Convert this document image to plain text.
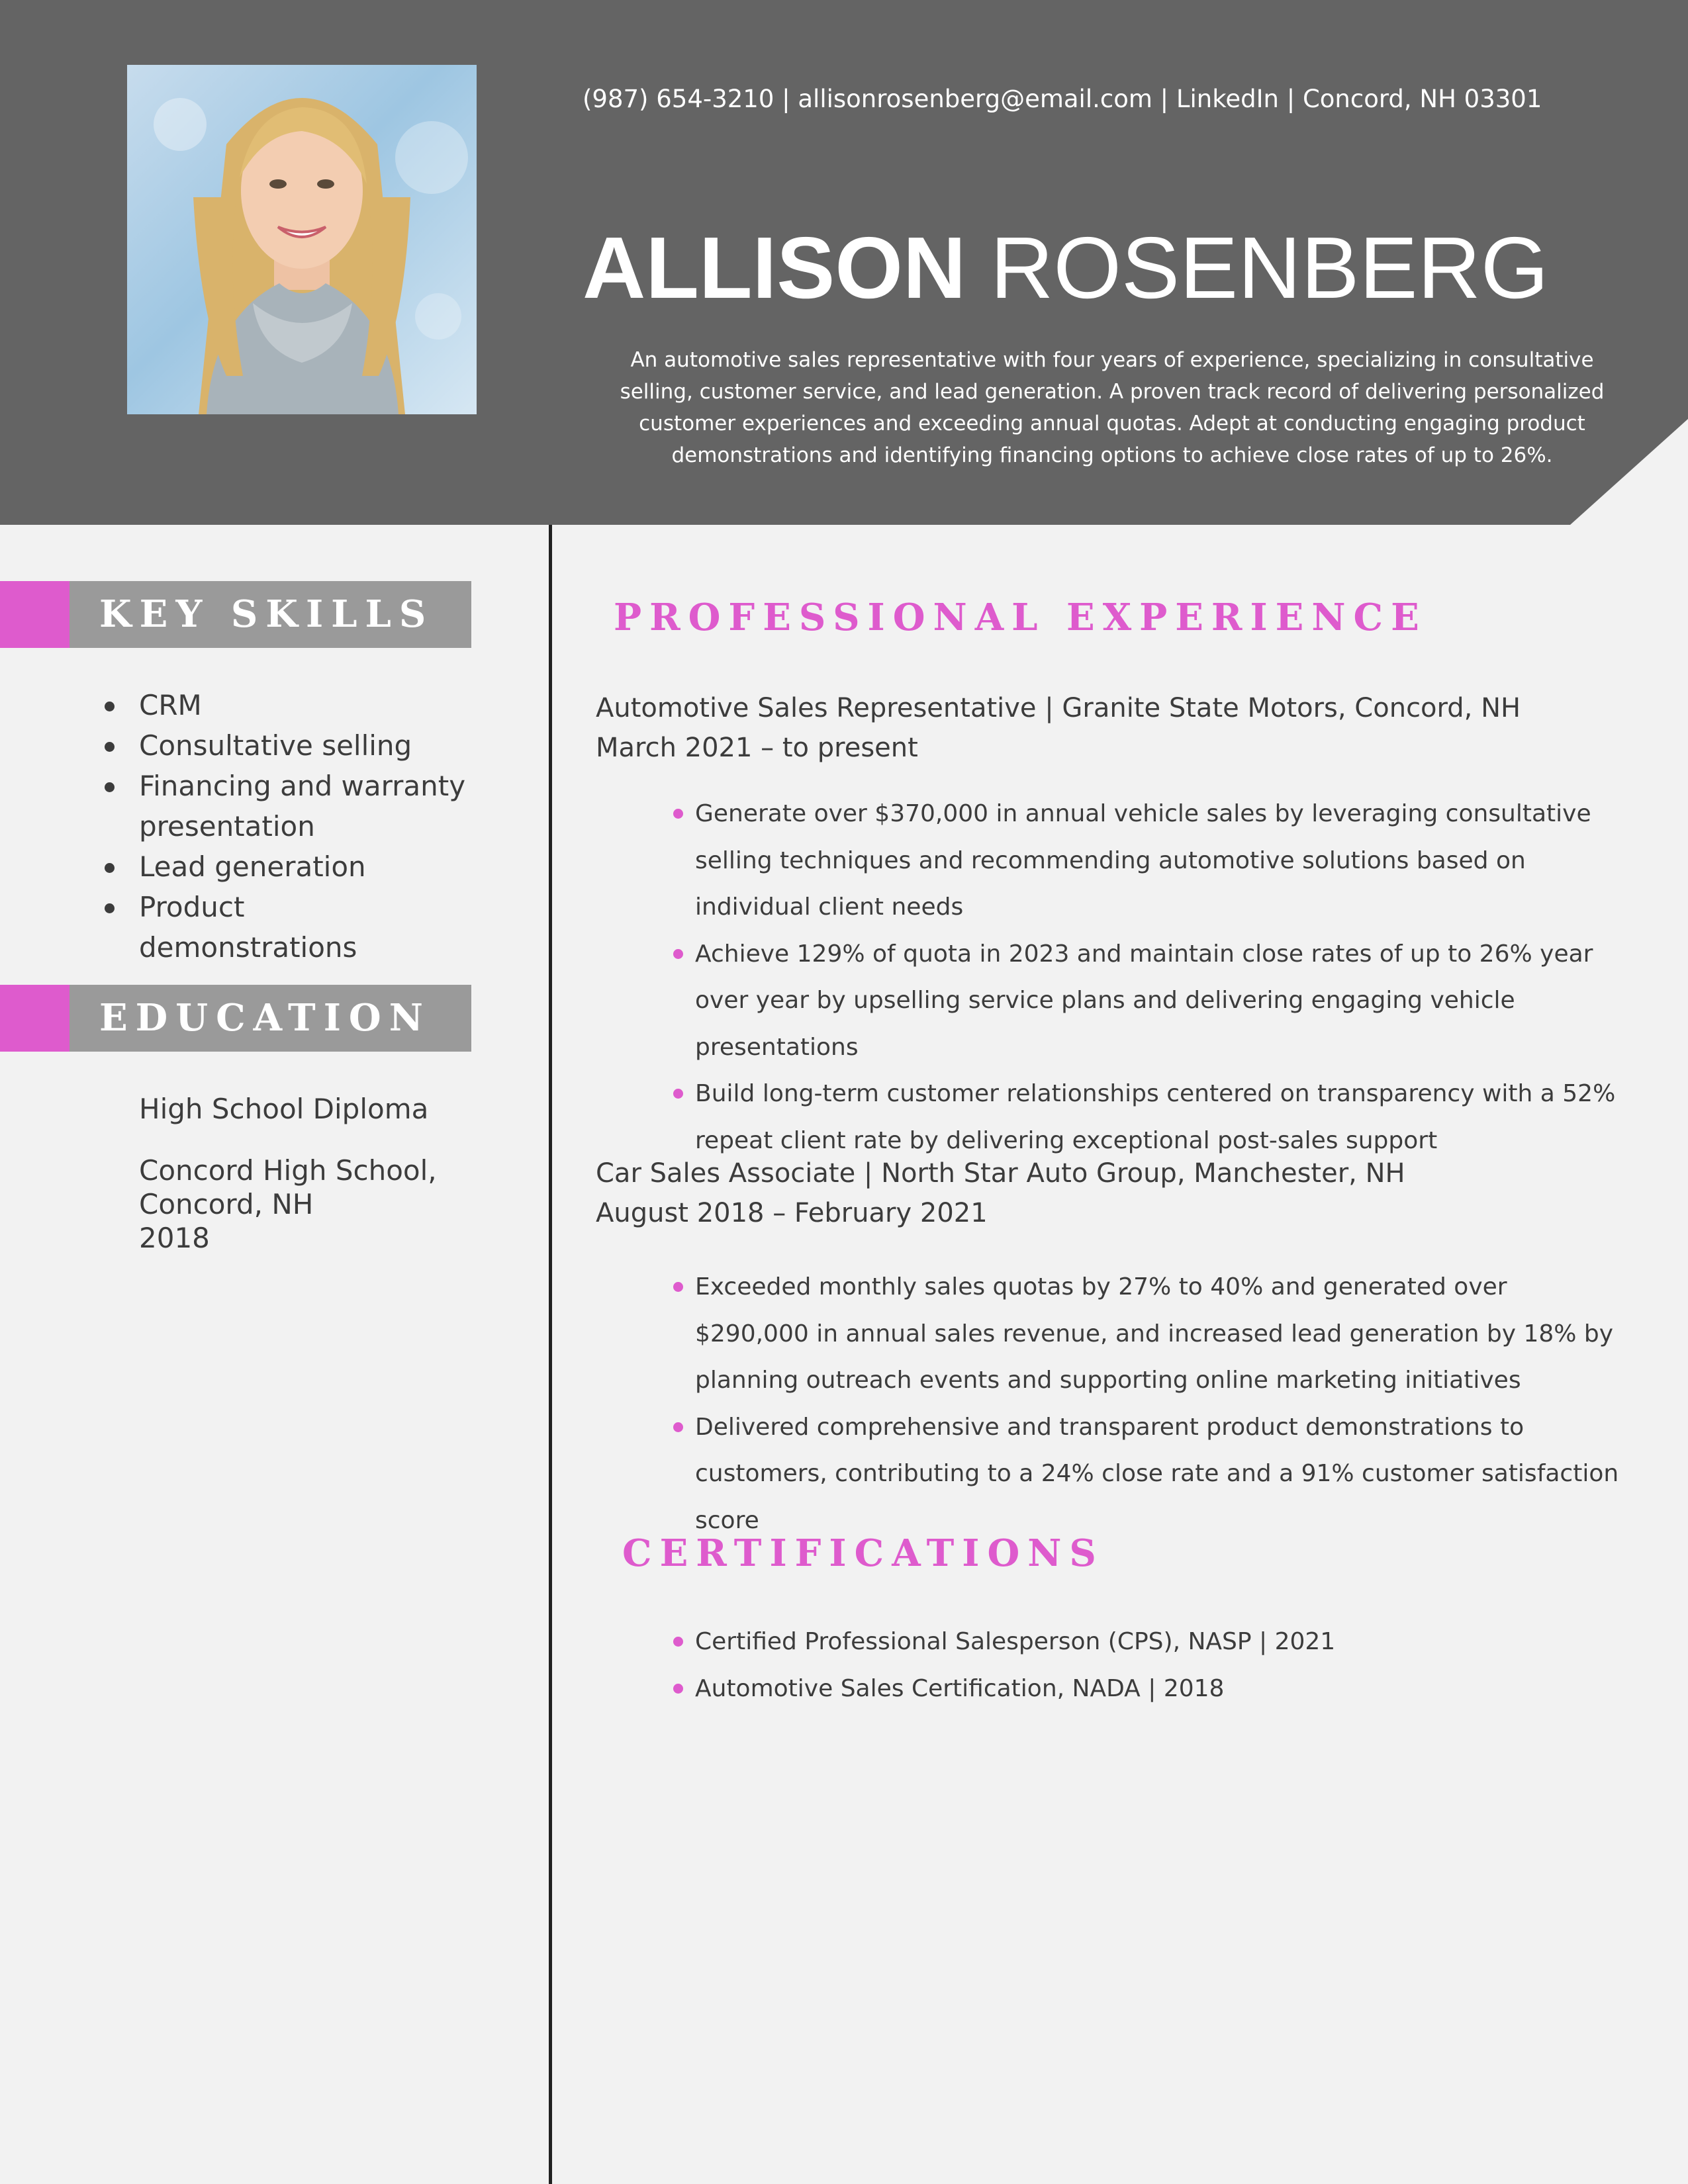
(987) 654-3210 | allisonrosenberg@email.com | LinkedIn | Concord, NH 03301
ALLISON ROSENBERG
An automotive sales representative with four years of experience, specializing in consultative selling, customer service, and lead generation. A proven track record of delivering personalized customer experiences and exceeding annual quotas. Adept at conducting engaging product demonstrations and identifying financing options to achieve close rates of up to 26%.
KEY SKILLS
CRM
Consultative selling
Financing and warranty presentation
Lead generation
Product demonstrations
EDUCATION
High School Diploma
Concord High School,
Concord, NH
2018
PROFESSIONAL EXPERIENCE
Automotive Sales Representative | Granite State Motors, Concord, NH
March 2021 – to present
Generate over $370,000 in annual vehicle sales by leveraging consultative selling techniques and recommending automotive solutions based on individual client needs
Achieve 129% of quota in 2023 and maintain close rates of up to 26% year over year by upselling service plans and delivering engaging vehicle presentations
Build long-term customer relationships centered on transparency with a 52% repeat client rate by delivering exceptional post-sales support
Car Sales Associate | North Star Auto Group, Manchester, NH
August 2018 – February 2021
Exceeded monthly sales quotas by 27% to 40% and generated over $290,000 in annual sales revenue, and increased lead generation by 18% by planning outreach events and supporting online marketing initiatives
Delivered comprehensive and transparent product demonstrations to customers, contributing to a 24% close rate and a 91% customer satisfaction score
CERTIFICATIONS
Certified Professional Salesperson (CPS), NASP | 2021
Automotive Sales Certification, NADA | 2018
